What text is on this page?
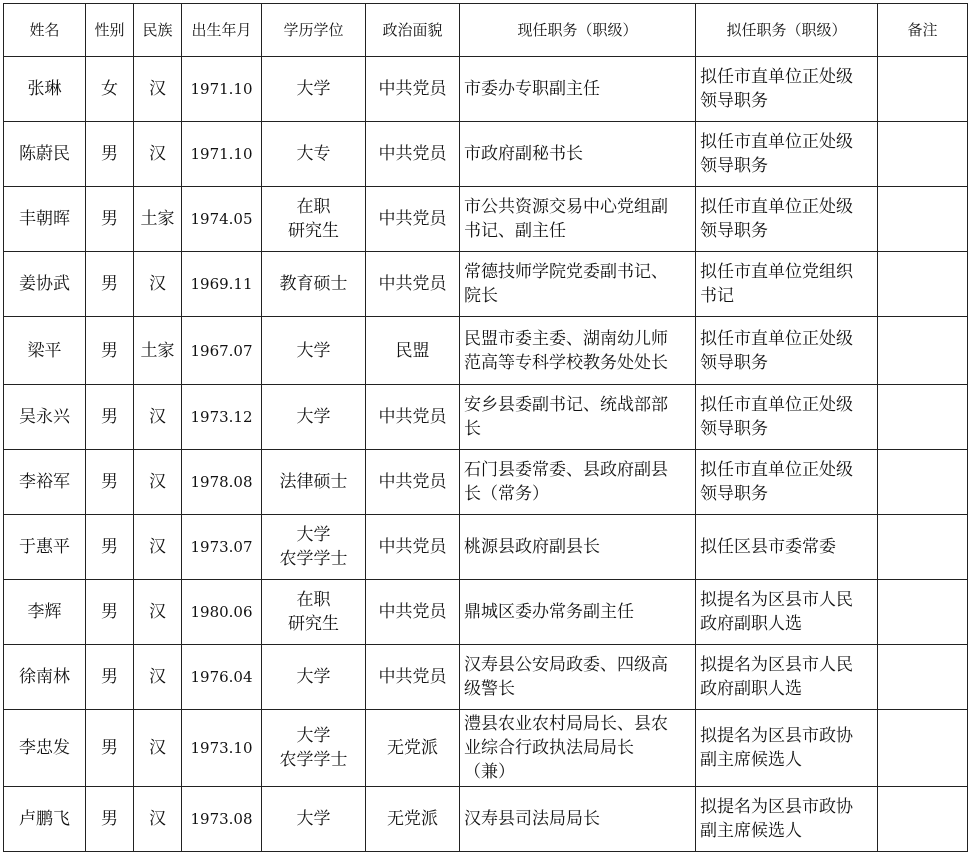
姓名	性别	民族	出生年月	学历学位	政治面貌	现任职务（职级）	拟任职务（职级）	备注
张琳	女	汉	1971.10	大学	中共党员	市委办专职副主任	拟任市直单位正处级
领导职务	

陈蔚民	男	汉	1971.10	大专	中共党员	市政府副秘书长	拟任市直单位正处级
领导职务	

丰朝晖	男	土家	1974.05	在职
研究生	中共党员	市公共资源交易中心党组副
书记、副主任	拟任市直单位正处级
领导职务	

姜协武	男	汉	1969.11	教育硕士	中共党员	常德技师学院党委副书记、
院长	拟任市直单位党组织
书记	

梁平	男	土家	1967.07	大学	民盟	民盟市委主委、湖南幼儿师
范高等专科学校教务处处长	拟任市直单位正处级
领导职务	

吴永兴	男	汉	1973.12	大学	中共党员	安乡县委副书记、统战部部
长	拟任市直单位正处级
领导职务	

李裕军	男	汉	1978.08	法律硕士	中共党员	石门县委常委、县政府副县
长（常务）	拟任市直单位正处级
领导职务	

于惠平	男	汉	1973.07	大学
农学学士	中共党员	桃源县政府副县长	拟任区县市委常委	

李辉	男	汉	1980.06	在职
研究生	中共党员	鼎城区委办常务副主任	拟提名为区县市人民
政府副职人选	

徐南林	男	汉	1976.04	大学	中共党员	汉寿县公安局政委、四级高
级警长	拟提名为区县市人民
政府副职人选	

李忠发	男	汉	1973.10	大学
农学学士	无党派	澧县农业农村局局长、县农
业综合行政执法局局长
（兼）	拟提名为区县市政协
副主席候选人	

卢鹏飞	男	汉	1973.08	大学	无党派	汉寿县司法局局长	拟提名为区县市政协
副主席候选人	
